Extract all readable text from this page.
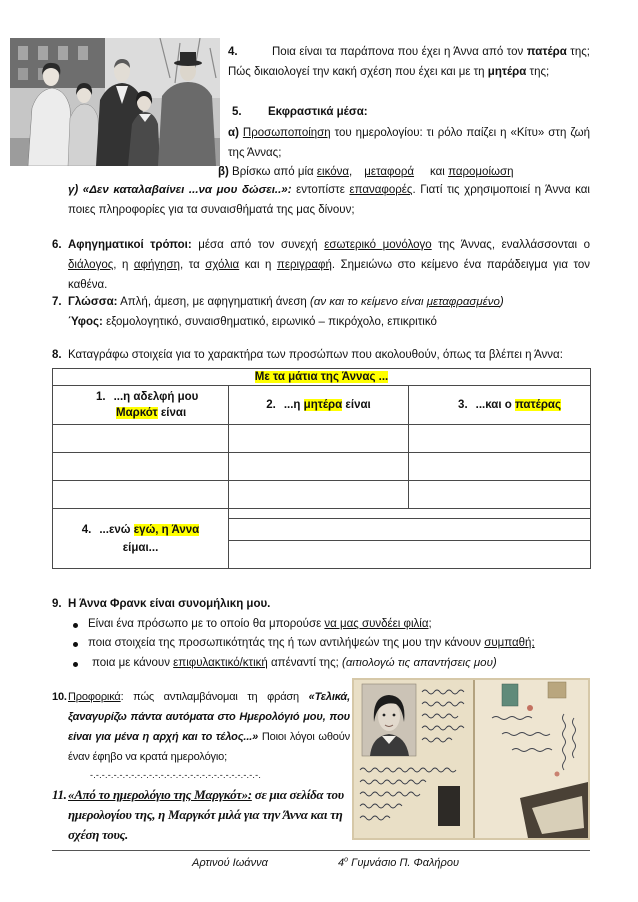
4.	Ποια είναι τα παράπονα που έχει η Άννα από τον πατέρα της; Πώς δικαιολογεί την κακή σχέση που έχει και με τη μητέρα της;
5. Εκφραστικά μέσα:
α) Προσωποποίηση του ημερολογίου: τι ρόλο παίζει η «Κίτυ» στη ζωή της Άννας;
β) Βρίσκω από μία εικόνα, μεταφορά και παρομοίωση
γ) «Δεν καταλαβαίνει ...να μου δώσει..»: εντοπίστε επαναφορές. Γιατί τις χρησιμοποιεί η Άννα και ποιες πληροφορίες για τα συναισθήματά της μας δίνουν;
6. Αφηγηματικοί τρόποι: μέσα από τον συνεχή εσωτερικό μονόλογο της Άννας, εναλλάσσονται ο διάλογος, η αφήγηση, τα σχόλια και η περιγραφή. Σημειώνω στο κείμενο ένα παράδειγμα για τον καθένα.
7. Γλώσσα: Απλή, άμεση, με αφηγηματική άνεση (αν και το κείμενο είναι μεταφρασμένο)
Ύφος: εξομολογητικό, συναισθηματικό, ειρωνικό – πικρόχολο, επικριτικό
8. Καταγράφω στοιχεία για το χαρακτήρα των προσώπων που ακολουθούν, όπως τα βλέπει η Άννα:
Με τα μάτια της Άννας ...		
1. ...η αδελφή μου Μαρκότ είναι	2. ...η μητέρα είναι	3. ...και ο πατέρας

4. ...ενώ εγώ, η Άννα
είμαι...		

9. Η Άννα Φρανκ είναι συνομήλικη μου.
Είναι ένα πρόσωπο με το οποίο θα μπορούσε να μας συνδέει φιλία;
ποια στοιχεία της προσωπικότητάς της ή των αντιλήψεών της μου την κάνουν συμπαθή;
ποια με κάνουν επιφυλακτικό/κτική απέναντί της; (αιτιολογώ τις απαντήσεις μου)
10. Προφορικά: πώς αντιλαμβάνομαι τη φράση «Τελικά, ξαναγυρίζω πάντα αυτόματα στο Ημερολόγιό μου, που είναι για μένα η αρχή και το τέλος...» Ποιοι λόγοι ωθούν έναν έφηβο να κρατά ημερολόγιο;
-.-.-.-.-.-.-.-.-.-.-.-.-.-.-.-.-.-.-.-.-.-.-.-.-.-.-.-.-.
11. «Από το ημερολόγιο της Μαργκότ»: σε μια σελίδα του ημερολογίου της, η Μαργκότ μιλά για την Άννα και τη σχέση τους.
Αρτινού Ιωάννα	$4^o$ Γυμνάσιο Π. Φαλήρου
